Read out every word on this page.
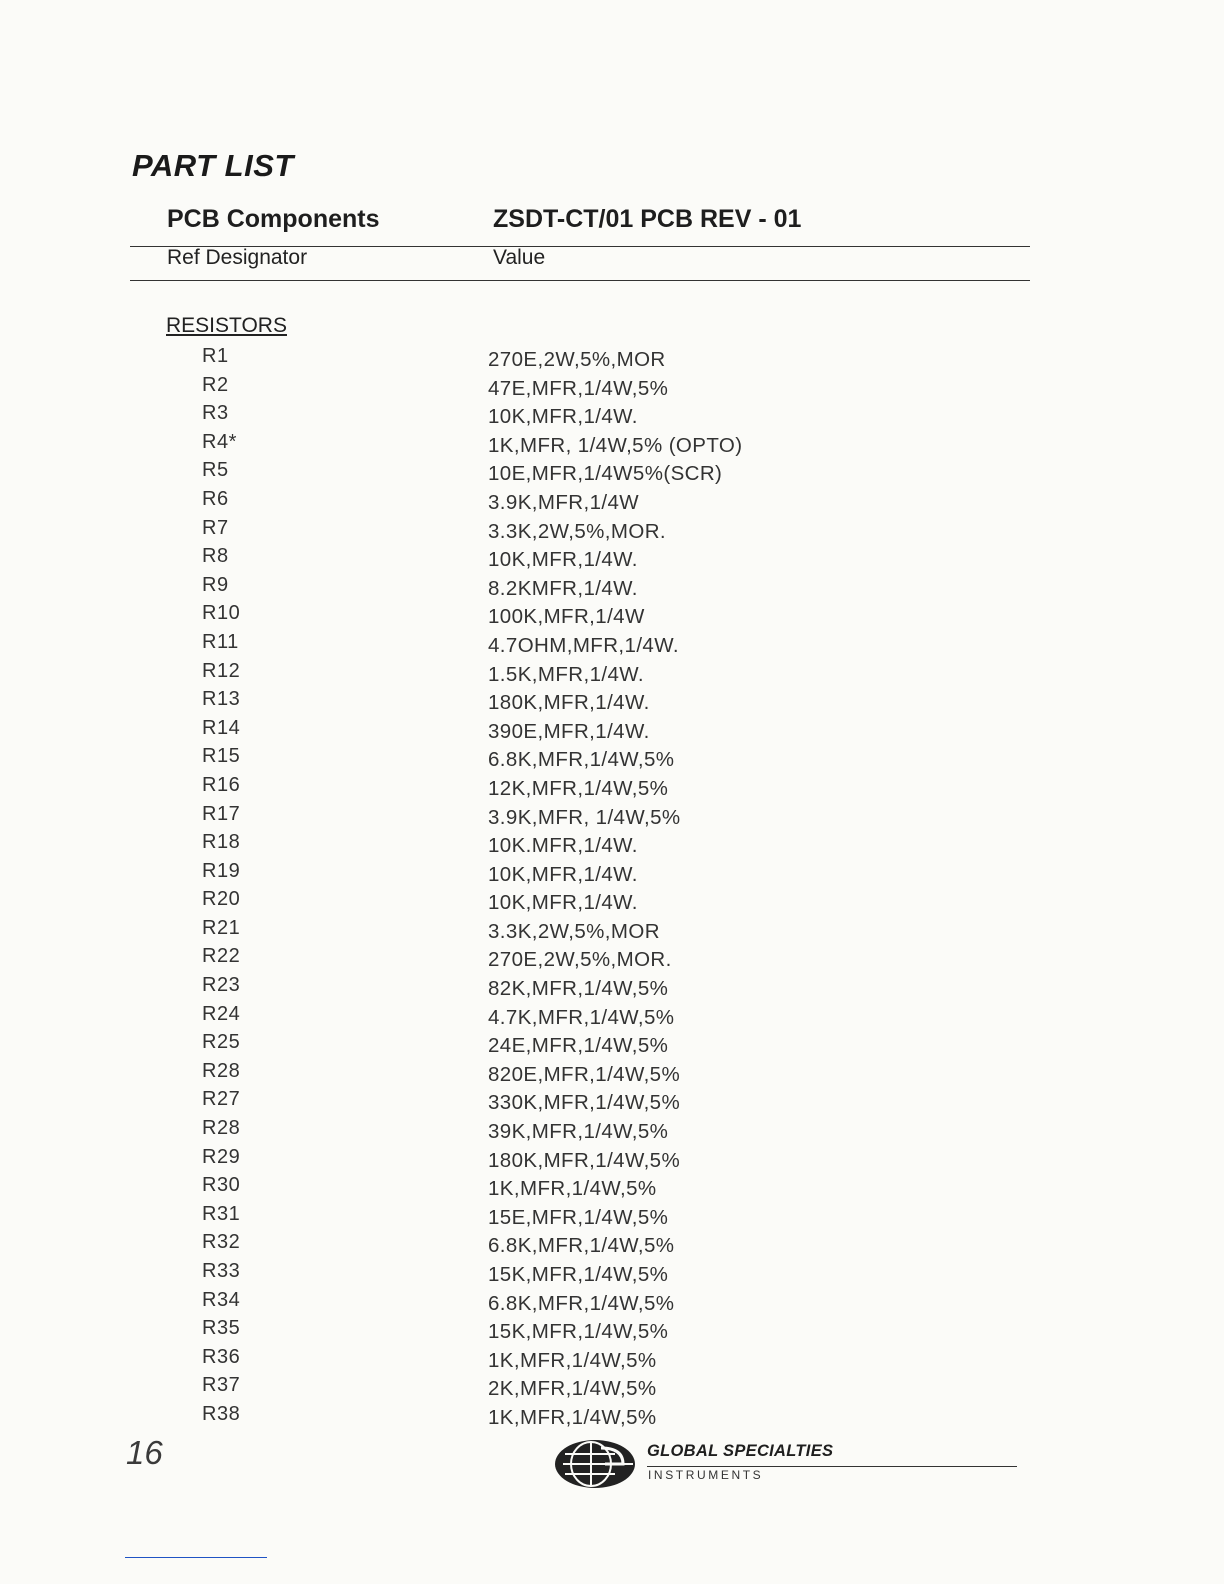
PART LIST
PCB Components	ZSDT-CT/01 PCB REV - 01
Ref Designator	Value
RESISTORS
R1	270E,2W,5%,MOR
R2	47E,MFR,1/4W,5%
R3	10K,MFR,1/4W.
R4*	1K,MFR, 1/4W,5% (OPTO)
R5	10E,MFR,1/4W5%(SCR)
R6	3.9K,MFR,1/4W
R7	3.3K,2W,5%,MOR.
R8	10K,MFR,1/4W.
R9	8.2KMFR,1/4W.
R10	100K,MFR,1/4W
R11	4.7OHM,MFR,1/4W.
R12	1.5K,MFR,1/4W.
R13	180K,MFR,1/4W.
R14	390E,MFR,1/4W.
R15	6.8K,MFR,1/4W,5%
R16	12K,MFR,1/4W,5%
R17	3.9K,MFR, 1/4W,5%
R18	10K.MFR,1/4W.
R19	10K,MFR,1/4W.
R20	10K,MFR,1/4W.
R21	3.3K,2W,5%,MOR
R22	270E,2W,5%,MOR.
R23	82K,MFR,1/4W,5%
R24	4.7K,MFR,1/4W,5%
R25	24E,MFR,1/4W,5%
R28	820E,MFR,1/4W,5%
R27	330K,MFR,1/4W,5%
R28	39K,MFR,1/4W,5%
R29	180K,MFR,1/4W,5%
R30	1K,MFR,1/4W,5%
R31	15E,MFR,1/4W,5%
R32	6.8K,MFR,1/4W,5%
R33	15K,MFR,1/4W,5%
R34	6.8K,MFR,1/4W,5%
R35	15K,MFR,1/4W,5%
R36	1K,MFR,1/4W,5%
R37	2K,MFR,1/4W,5%
R38	1K,MFR,1/4W,5%
16	GLOBAL SPECIALTIES
INSTRUMENTS
